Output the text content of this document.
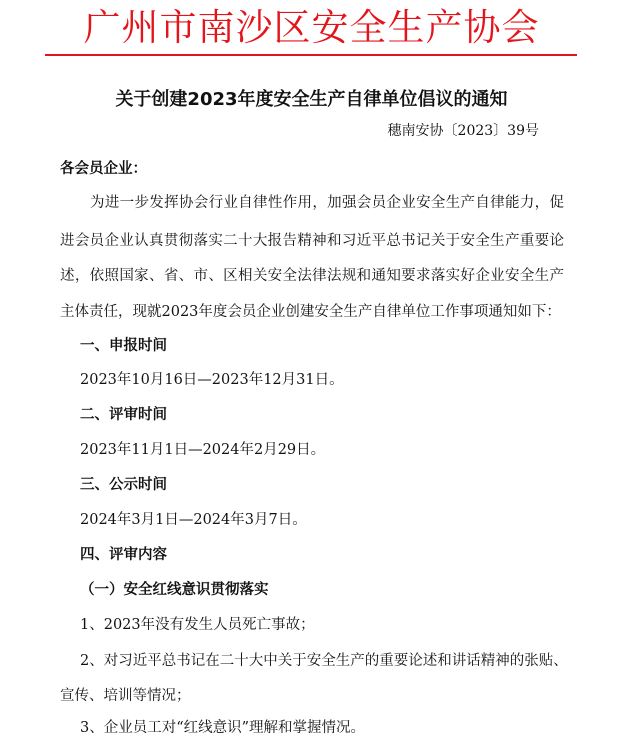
广州市南沙区安全生产协会
关于创建2023年度安全生产自律单位倡议的通知
穗南安协〔2023〕39号
各会员企业：
为进一步发挥协会行业自律性作用，加强会员企业安全生产自律能力，促
进会员企业认真贯彻落实二十大报告精神和习近平总书记关于安全生产重要论
述，依照国家、省、市、区相关安全法律法规和通知要求落实好企业安全生产
主体责任，现就2023年度会员企业创建安全生产自律单位工作事项通知如下：
一、申报时间
2023年10月16日—2023年12月31日。
二、评审时间
2023年11月1日—2024年2月29日。
三、公示时间
2024年3月1日—2024年3月7日。
四、评审内容
（一）安全红线意识贯彻落实
1、2023年没有发生人员死亡事故；
2、对习近平总书记在二十大中关于安全生产的重要论述和讲话精神的张贴、
宣传、培训等情况；
3、企业员工对“红线意识”理解和掌握情况。
